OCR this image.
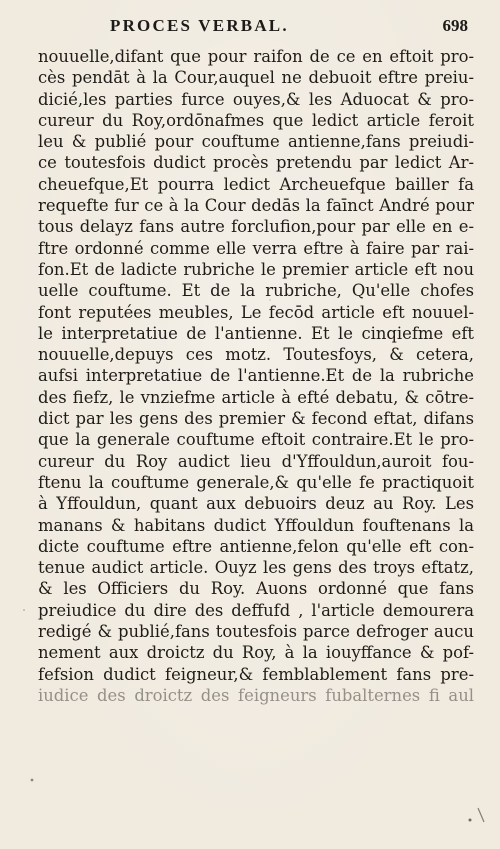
PROCES VERBAL.	698
nouuelle,difant que pour raifon de ce en eftoit pro-
cès pendāt à la Cour,auquel ne debuoit eftre preiu-
dicié,les parties furce ouyes,& les Aduocat & pro-
cureur du Roy,ordōnafmes que ledict article feroit
leu & publié pour couftume antienne,fans preiudi-
ce toutesfois dudict procès pretendu par ledict Ar-
cheuefque,Et pourra ledict Archeuefque bailler fa
requefte fur ce à la Cour dedās la faīnct André pour
tous delayz fans autre forclufion,pour par elle en e-
ftre ordonné comme elle verra eftre à faire par rai-
fon.Et de ladicte rubriche le premier article eft nou
uelle couftume. Et de la rubriche, Qu'elle chofes
font reputées meubles, Le fecōd article eft nouuel-
le interpretatiue de l'antienne. Et le cinqiefme eft
nouuelle,depuys ces motz. Toutesfoys, & cetera,
aufsi interpretatiue de l'antienne.Et de la rubriche
des fiefz, le vnziefme article à efté debatu, & cōtre-
dict par les gens des premier & fecond eftat, difans
que la generale couftume eftoit contraire.Et le pro-
cureur du Roy audict lieu d'Yffouldun,auroit fou-
ftenu la couftume generale,& qu'elle fe practiquoit
à Yffouldun, quant aux debuoirs deuz au Roy. Les
manans & habitans dudict Yffouldun fouftenans la
dicte couftume eftre antienne,felon qu'elle eft con-
tenue audict article. Ouyz les gens des troys eftatz,
& les Officiers du Roy. Auons ordonné que fans
preiudice du dire des deffufd , l'article demourera
redigé & publié,fans toutesfois parce defroger aucu
nement aux droictz du Roy, à la iouyffance & pof-
fefsion dudict feigneur,& femblablement fans pre-
iudice des droictz des feigneurs fubalternes fi aul
